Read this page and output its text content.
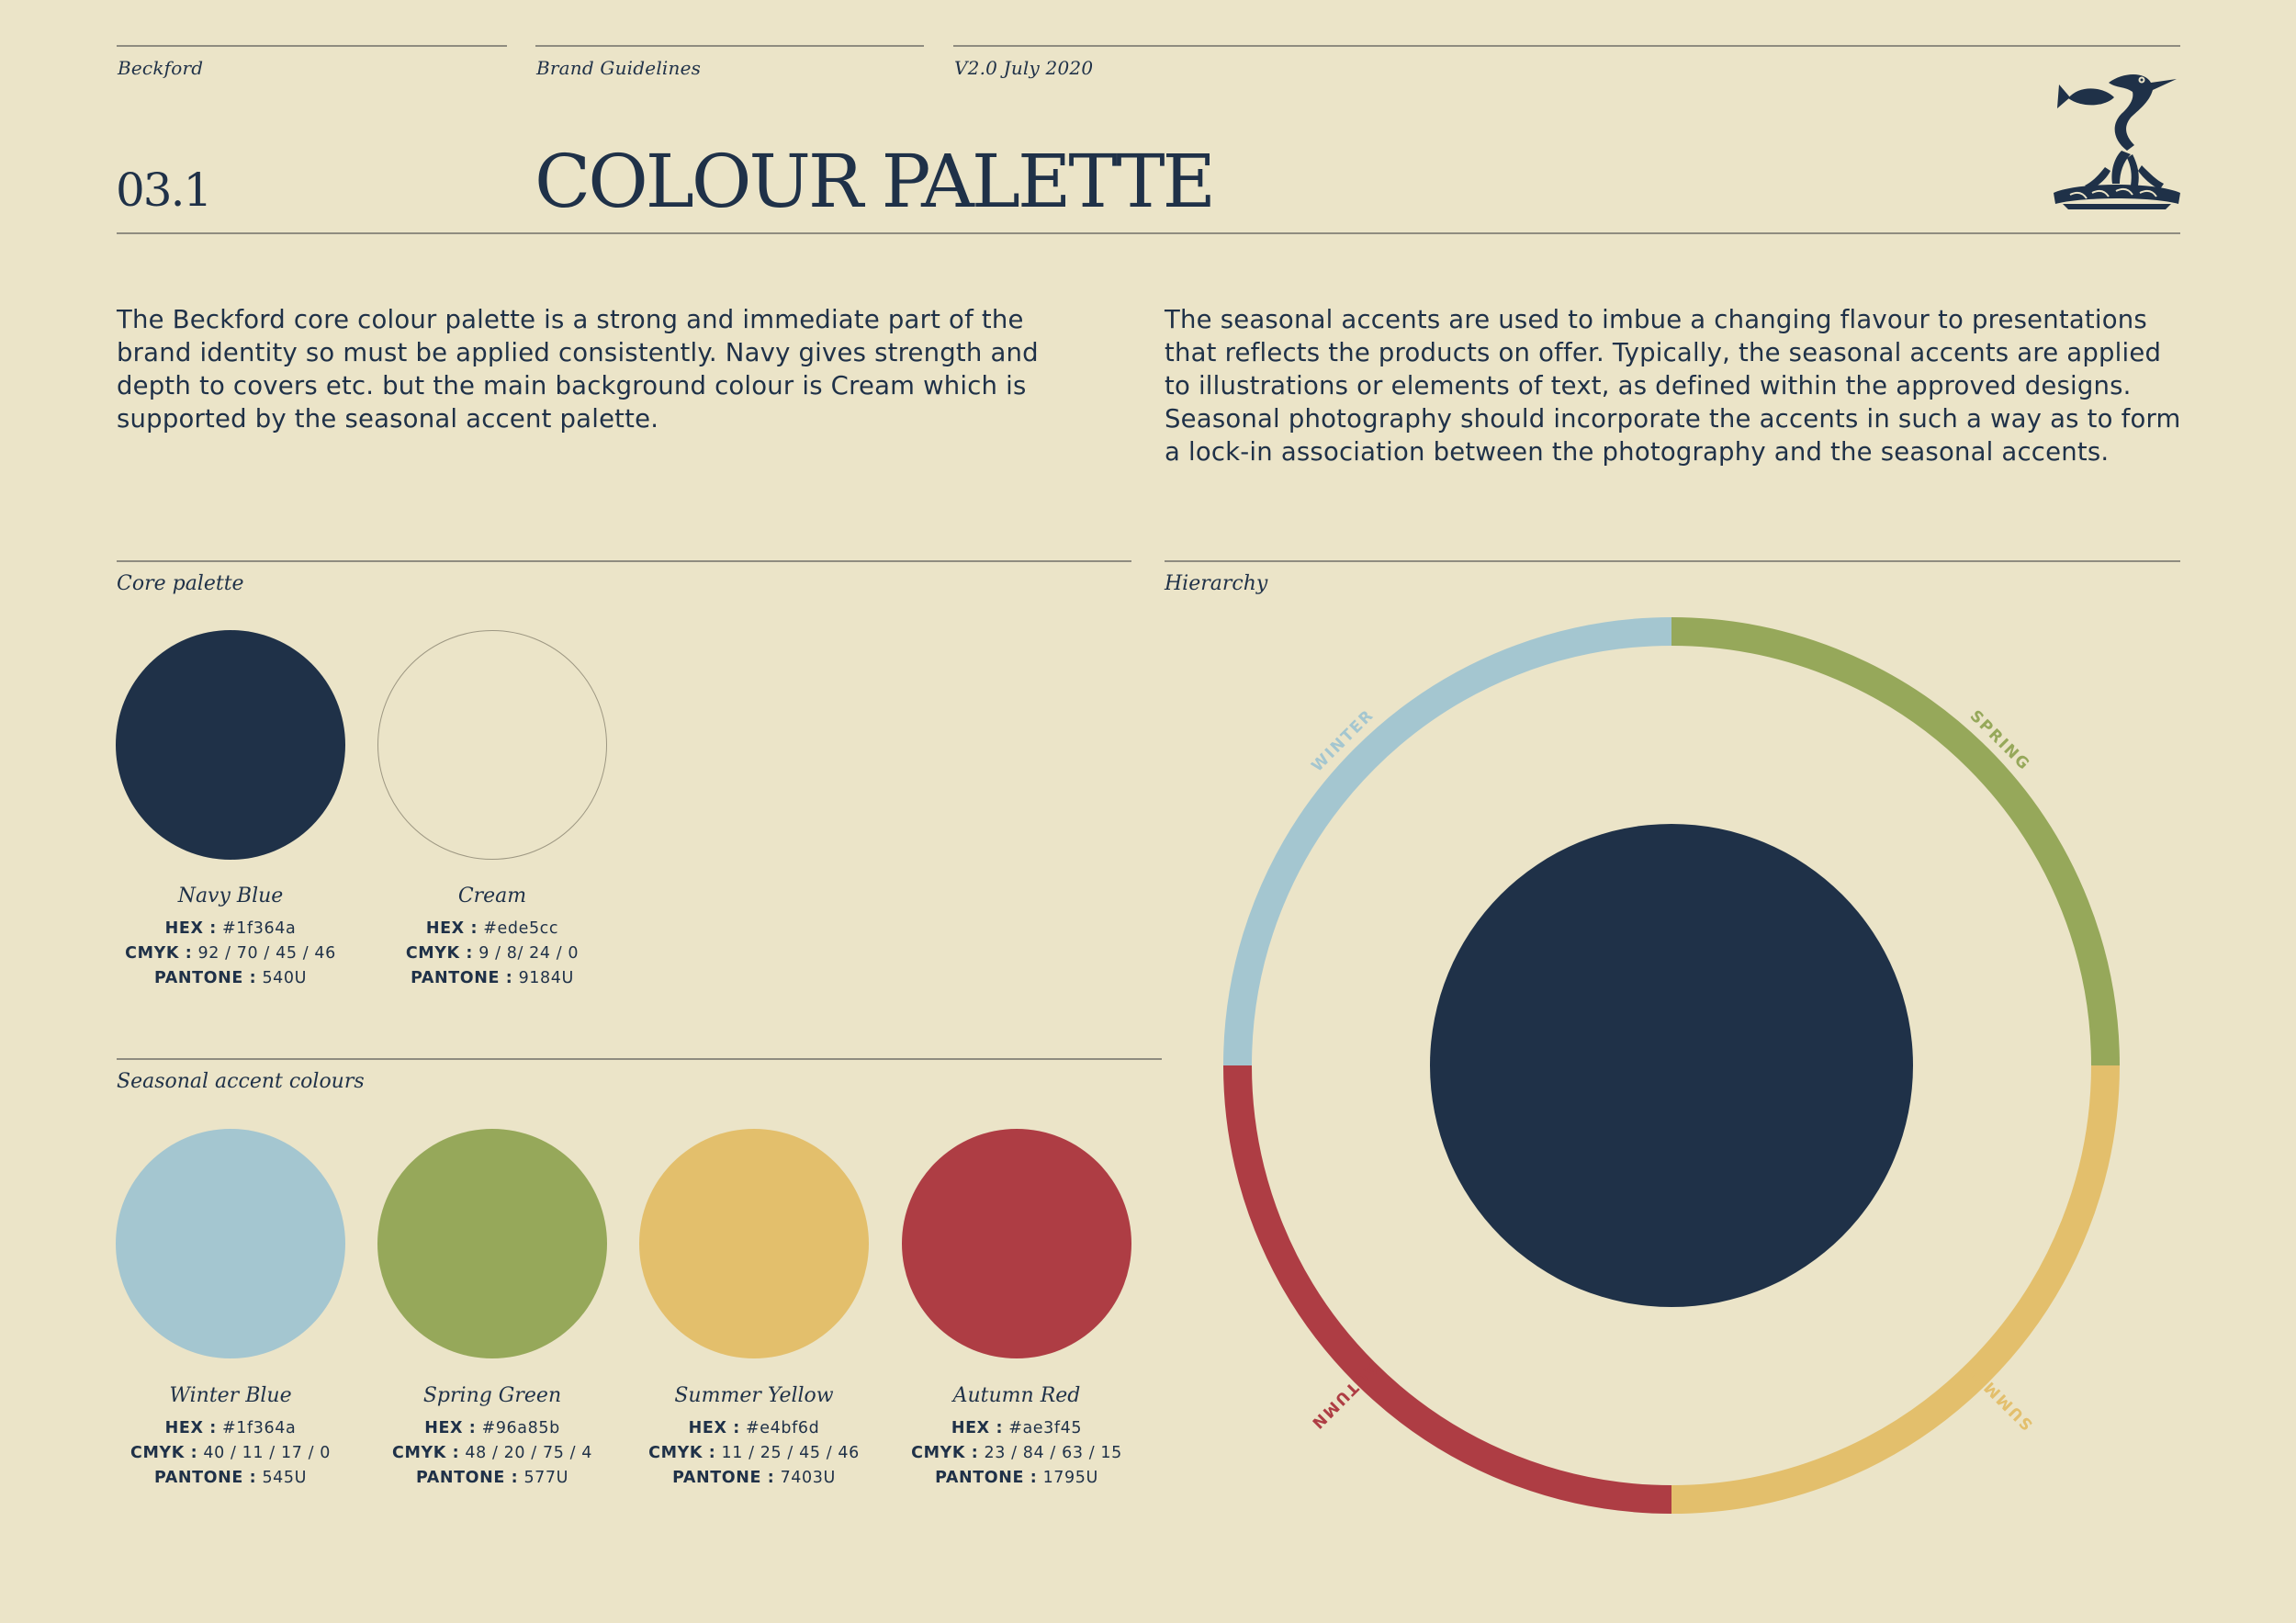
Beckford	Brand Guidelines	V2.0 July 2020
03.1	COLOUR PALETTE
The Beckford core colour palette is a strong and immediate part of the brand identity so must be applied consistently. Navy gives strength and depth to covers etc. but the main background colour is Cream which is supported by the seasonal accent palette.
The seasonal accents are used to imbue a changing flavour to presentations that reflects the products on offer. Typically, the seasonal accents are applied to illustrations or elements of text, as defined within the approved designs. Seasonal photography should incorporate the accents in such a way as to form a lock-in association between the photography and the seasonal accents.
Core palette
Navy Blue
HEX : #1f364a
CMYK : 92 / 70 / 45 / 46
PANTONE : 540U
Cream
HEX : #ede5cc
CMYK : 9 / 8/ 24 / 0
PANTONE : 9184U
Seasonal accent colours
Winter Blue
HEX : #1f364a
CMYK : 40 / 11 / 17 / 0
PANTONE : 545U
Spring Green
HEX : #96a85b
CMYK : 48 / 20 / 75 / 4
PANTONE : 577U
Summer Yellow
HEX : #e4bf6d
CMYK : 11 / 25 / 45 / 46
PANTONE : 7403U
Autumn Red
HEX : #ae3f45
CMYK : 23 / 84 / 63 / 15
PANTONE : 1795U
Hierarchy
WINTER	SPRING
SUMMER
AUTUMN
